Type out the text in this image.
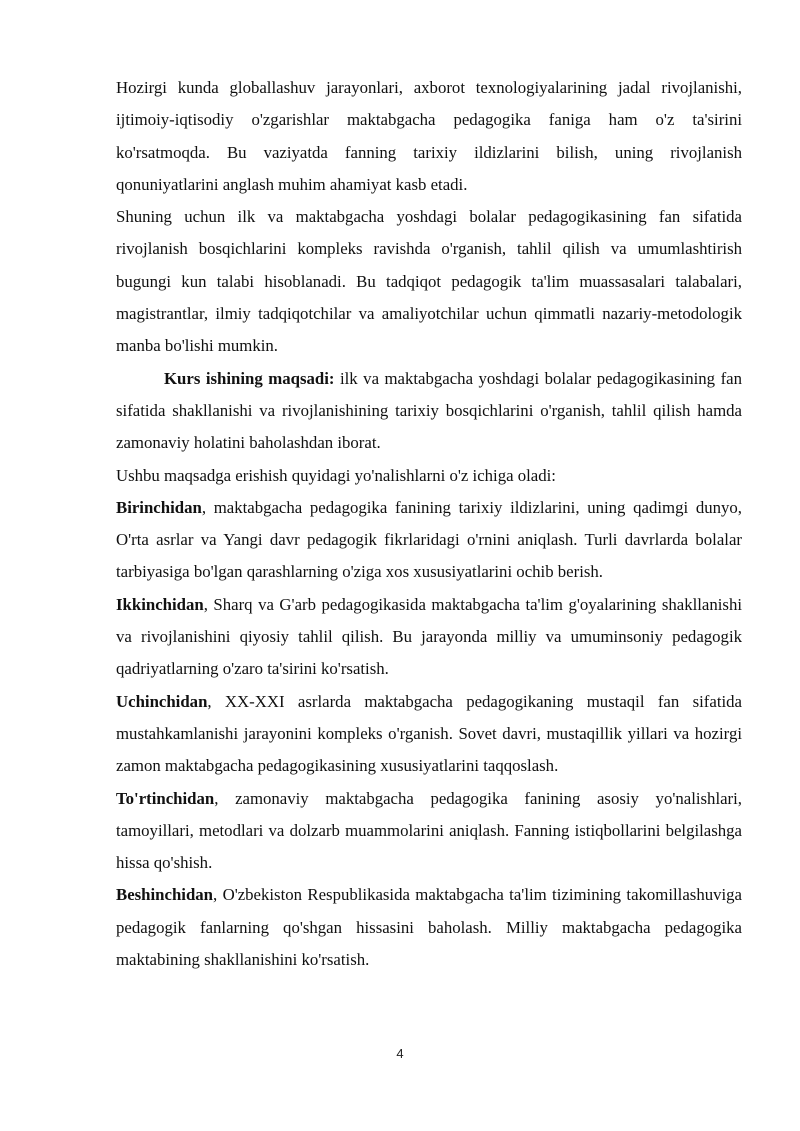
Hozirgi kunda globallashuv jarayonlari, axborot texnologiyalarining jadal rivojlanishi, ijtimoiy-iqtisodiy o'zgarishlar maktabgacha pedagogika faniga ham o'z ta'sirini ko'rsatmoqda. Bu vaziyatda fanning tarixiy ildizlarini bilish, uning rivojlanish qonuniyatlarini anglash muhim ahamiyat kasb etadi.

Shuning uchun ilk va maktabgacha yoshdagi bolalar pedagogikasining fan sifatida rivojlanish bosqichlarini kompleks ravishda o'rganish, tahlil qilish va umumlashtirish bugungi kun talabi hisoblanadi. Bu tadqiqot pedagogik ta'lim muassasalari talabalari, magistrantlar, ilmiy tadqiqotchilar va amaliyotchilar uchun qimmatli nazariy-metodologik manba bo'lishi mumkin.

Kurs ishining maqsadi: ilk va maktabgacha yoshdagi bolalar pedagogikasining fan sifatida shakllanishi va rivojlanishining tarixiy bosqichlarini o'rganish, tahlil qilish hamda zamonaviy holatini baholashdan iborat.

Ushbu maqsadga erishish quyidagi yo'nalishlarni o'z ichiga oladi:

Birinchidan, maktabgacha pedagogika fanining tarixiy ildizlarini, uning qadimgi dunyo, O'rta asrlar va Yangi davr pedagogik fikrlaridagi o'rnini aniqlash. Turli davrlarda bolalar tarbiyasiga bo'lgan qarashlarning o'ziga xos xususiyatlarini ochib berish.

Ikkinchidan, Sharq va G'arb pedagogikasida maktabgacha ta'lim g'oyalarining shakllanishi va rivojlanishini qiyosiy tahlil qilish. Bu jarayonda milliy va umuminsoniy pedagogik qadriyatlarning o'zaro ta'sirini ko'rsatish.

Uchinchidan, XX-XXI asrlarda maktabgacha pedagogikaning mustaqil fan sifatida mustahkamlanishi jarayonini kompleks o'rganish. Sovet davri, mustaqillik yillari va hozirgi zamon maktabgacha pedagogikasining xususiyatlarini taqqoslash.

To'rtinchidan, zamonaviy maktabgacha pedagogika fanining asosiy yo'nalishlari, tamoyillari, metodlari va dolzarb muammolarini aniqlash. Fanning istiqbollarini belgilashga hissa qo'shish.

Beshinchidan, O'zbekiston Respublikasida maktabgacha ta'lim tizimining takomillashuviga pedagogik fanlarning qo'shgan hissasini baholash. Milliy maktabgacha pedagogika maktabining shakllanishini ko'rsatish.

4
